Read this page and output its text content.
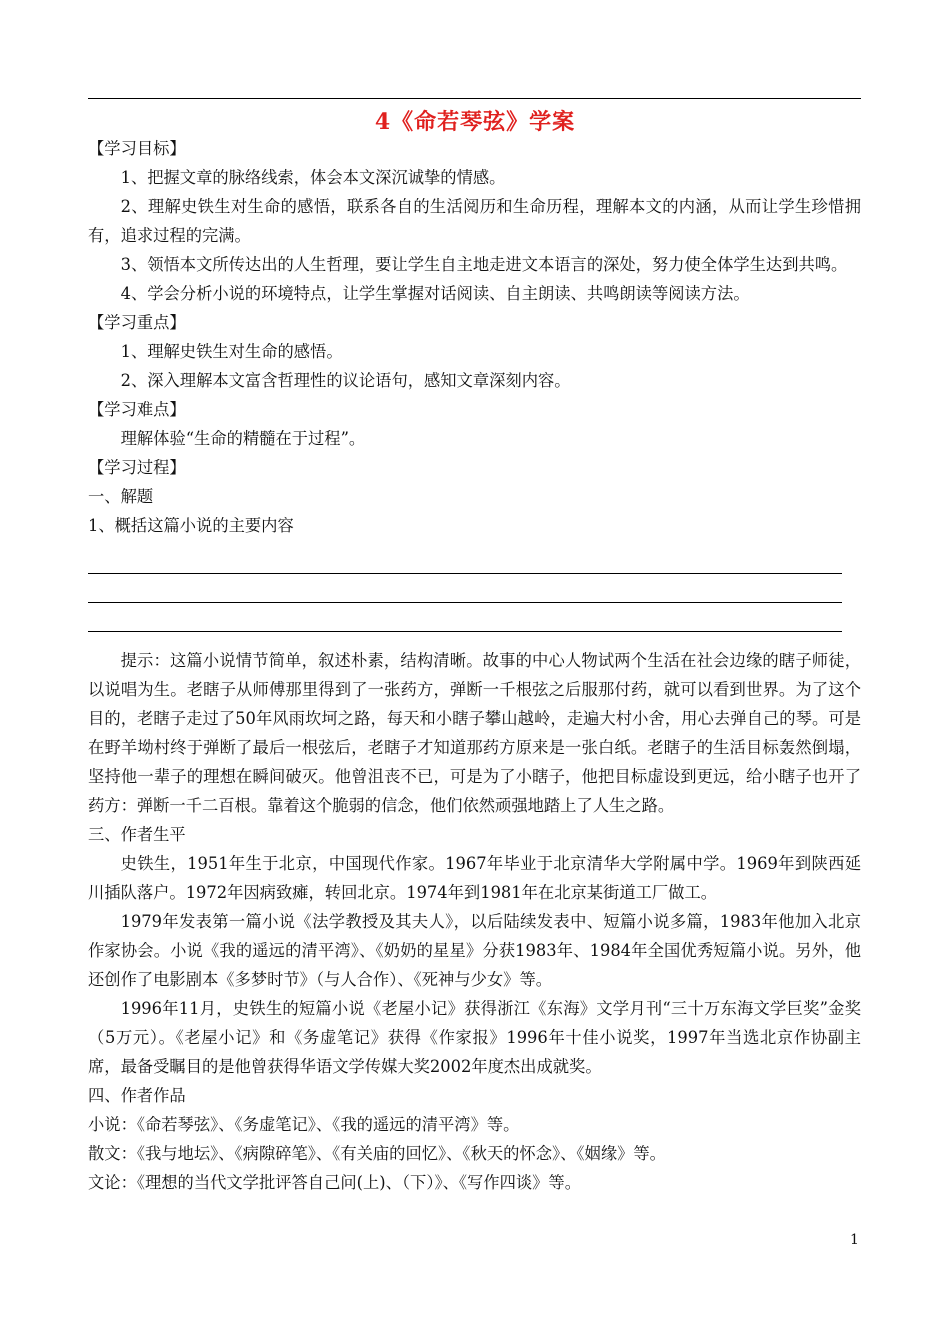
4《命若琴弦》学案

【学习目标】

1、把握文章的脉络线索，体会本文深沉诚挚的情感。

2、理解史铁生对生命的感悟，联系各自的生活阅历和生命历程，理解本文的内涵，从而让学生珍惜拥有，追求过程的完满。

3、领悟本文所传达出的人生哲理，要让学生自主地走进文本语言的深处，努力使全体学生达到共鸣。

4、学会分析小说的环境特点，让学生掌握对话阅读、自主朗读、共鸣朗读等阅读方法。

【学习重点】

1、理解史铁生对生命的感悟。

2、深入理解本文富含哲理性的议论语句，感知文章深刻内容。

【学习难点】

理解体验“生命的精髓在于过程”。

【学习过程】

一、解题

1、概括这篇小说的主要内容

提示：这篇小说情节简单，叙述朴素，结构清晰。故事的中心人物试两个生活在社会边缘的瞎子师徒，以说唱为生。老瞎子从师傅那里得到了一张药方，弹断一千根弦之后服那付药，就可以看到世界。为了这个目的，老瞎子走过了50年风雨坎坷之路，每天和小瞎子攀山越岭，走遍大村小舍，用心去弹自己的琴。可是在野羊坳村终于弹断了最后一根弦后，老瞎子才知道那药方原来是一张白纸。老瞎子的生活目标轰然倒塌，坚持他一辈子的理想在瞬间破灭。他曾沮丧不已，可是为了小瞎子，他把目标虚设到更远，给小瞎子也开了药方：弹断一千二百根。靠着这个脆弱的信念，他们依然顽强地踏上了人生之路。

三、作者生平

史铁生，1951年生于北京，中国现代作家。1967年毕业于北京清华大学附属中学。1969年到陕西延川插队落户。1972年因病致瘫，转回北京。1974年到1981年在北京某街道工厂做工。

1979年发表第一篇小说《法学教授及其夫人》，以后陆续发表中、短篇小说多篇，1983年他加入北京作家协会。小说《我的遥远的清平湾》、《奶奶的星星》分获1983年、1984年全国优秀短篇小说。另外，他还创作了电影剧本《多梦时节》（与人合作）、《死神与少女》等。

1996年11月，史铁生的短篇小说《老屋小记》获得浙江《东海》文学月刊“三十万东海文学巨奖”金奖（5万元）。《老屋小记》和《务虚笔记》获得《作家报》1996年十佳小说奖，1997年当选北京作协副主席，最备受瞩目的是他曾获得华语文学传媒大奖2002年度杰出成就奖。

四、作者作品

小说：《命若琴弦》、《务虚笔记》、《我的遥远的清平湾》等。

散文：《我与地坛》、《病隙碎笔》、《有关庙的回忆》、《秋天的怀念》、《姻缘》等。

文论：《理想的当代文学批评答自己问(上)、（下）》、《写作四谈》等。

1
